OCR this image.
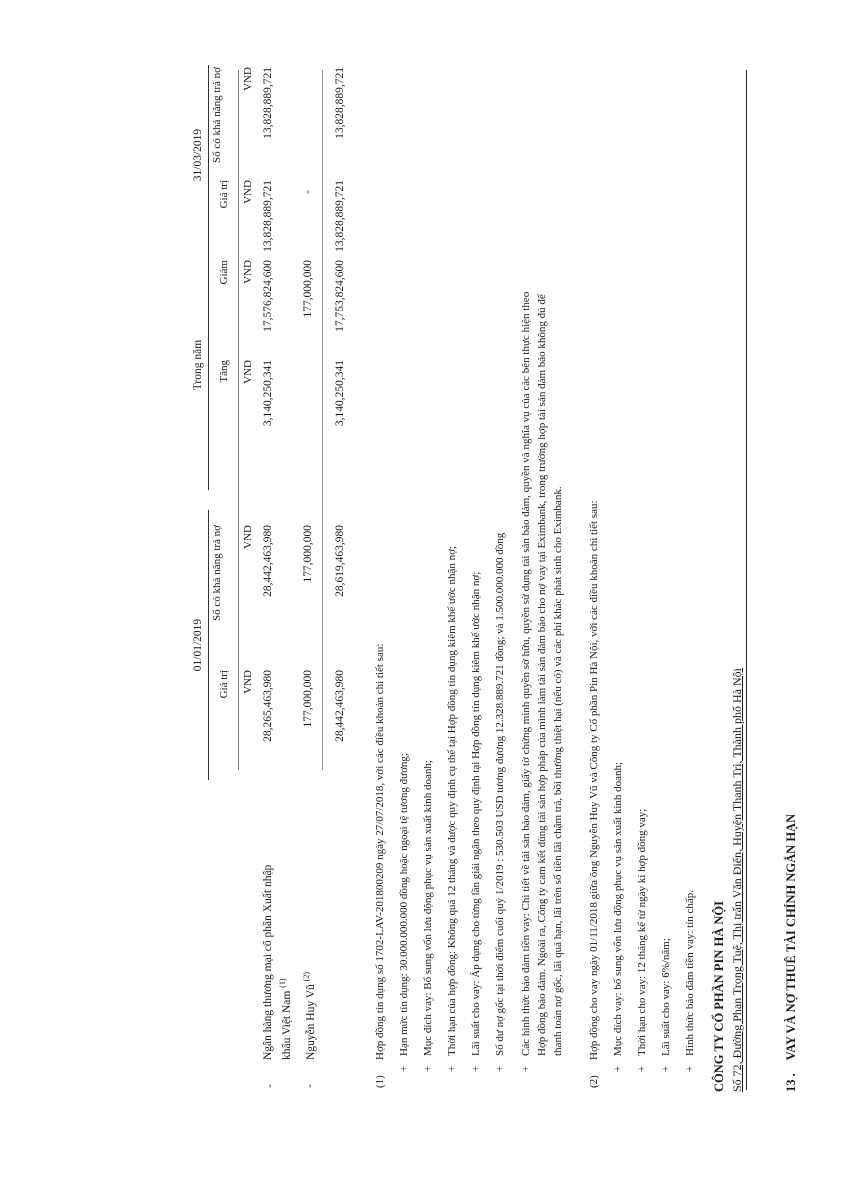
CÔNG TY CỔ PHẦN PIN HÀ NỘI Số 72, Đường Phan Trọng Tuệ, Thị trấn Văn Điển, Huyện Thanh Trì, Thành phố Hà Nội	13 . VAY VÀ NỢ THUÊ TÀI CHÍNH NGẮN HẠN
01/01/2019
Trong năm
31/03/2019
Giá trị
Số có khả năng trả nợ
Tăng
Giảm
Giá trị
Số có khả năng trả nợ
VND
VND
VND
VND
VND
VND
-
Ngân hàng thương mại cổ phần Xuất nhập khẩu Việt Nam $^{(1)}$
28,265,463,980
28,442,463,980
3,140,250,341
17,576,824,600
13,828,889,721
13,828,889,721
-
Nguyễn Huy Vũ $^{(2)}$
177,000,000
177,000,000
177,000,000
-
28,442,463,980
28,619,463,980
3,140,250,341
17,753,824,600
13,828,889,721
13,828,889,721
(1)
Hợp đồng tín dụng số 1702-LAV-201800209 ngày 27/07/2018, với các điều khoản chi tiết sau:
+
Hạn mức tín dụng: 30.000.000.000 đồng hoặc ngoại tệ tương đương;
+
Mục đích vay: Bổ sung vốn lưu động phục vụ sản xuất kinh doanh;
+
Thời hạn của hợp đồng: Không quá 12 tháng và được quy định cụ thể tại Hợp đồng tín dụng kiêm khế ước nhận nợ;
+
Lãi suất cho vay: Áp dụng cho từng lần giải ngân theo quy định tại Hợp đồng tín dụng kiêm khế ước nhận nợ;
+
Số dư nợ gốc tại thời điểm cuối quý 1/2019 : 530.503 USD tương đương 12.328.889.721 đồng; và 1.500.000.000 đồng
+
Các hình thức bảo đảm tiền vay: Chi tiết về tài sản bảo đảm, giấy tờ chứng minh quyền sở hữu, quyền sử dụng tài sản bảo đảm, quyền và nghĩa vụ của các bên thực hiện theo Hợp đồng bảo đảm. Ngoài ra, Công ty cam kết dùng tài sản hợp pháp của mình làm tài sản đảm bảo cho nợ vay tại Eximbank, trong trường hợp tài sản đảm bảo không đủ để thanh toán nợ gốc, lãi quá hạn, lãi trên số tiền lãi chậm trả, bồi thường thiệt hại (nếu có) và các phí khác phát sinh cho Eximbank.
(2)
Hợp đồng cho vay ngày 01/11/2018 giữa ông Nguyễn Huy Vũ và Công ty Cổ phần Pin Hà Nội, với các điều khoản chi tiết sau:
+
Mục đích vay: bổ sung vốn lưu động phục vụ sản xuất kinh doanh;
+
Thời hạn cho vay: 12 tháng kể từ ngày kí hợp đồng vay;
+
Lãi suất cho vay: 6%/năm;
+
Hình thức bảo đảm tiền vay: tín chấp.
